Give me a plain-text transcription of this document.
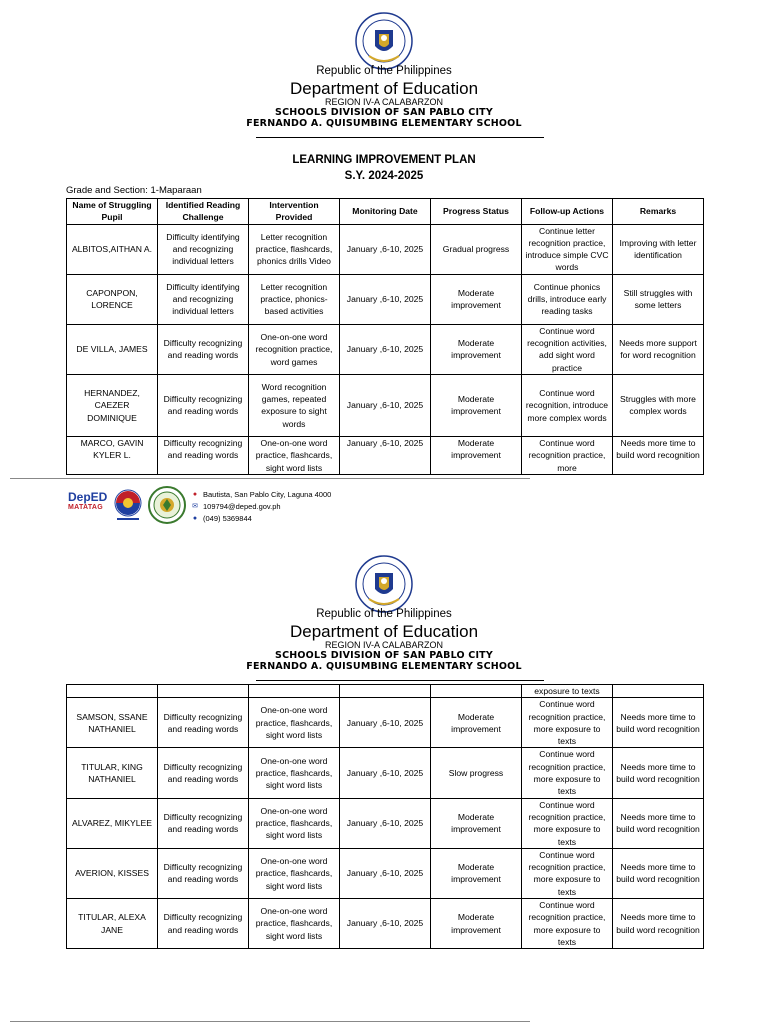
Republic of the Philippines
Department of Education
REGION IV-A CALABARZON
SCHOOLS DIVISION OF SAN PABLO CITY
FERNANDO A. QUISUMBING ELEMENTARY SCHOOL
LEARNING IMPROVEMENT PLAN
S.Y. 2024-2025
Grade and Section: 1-Maparaan
Name of Struggling Pupil	Identified Reading Challenge	Intervention Provided	Monitoring Date	Progress Status	Follow-up Actions	Remarks
ALBITOS,AITHAN A.	Difficulty identifying and recognizing individual letters	Letter recognition practice, flashcards, phonics drills Video	January ,6-10, 2025	Gradual progress	Continue letter recognition practice, introduce simple CVC words	Improving with letter identification
CAPONPON, LORENCE	Difficulty identifying and recognizing individual letters	Letter recognition practice, phonics-based activities	January ,6-10, 2025	Moderate improvement	Continue phonics drills, introduce early reading tasks	Still struggles with some letters
DE VILLA, JAMES	Difficulty recognizing and reading words	One-on-one word recognition practice, word games	January ,6-10, 2025	Moderate improvement	Continue word recognition activities, add sight word practice	Needs more support for word recognition
HERNANDEZ, CAEZER DOMINIQUE	Difficulty recognizing and reading words	Word recognition games, repeated exposure to sight words	January ,6-10, 2025	Moderate improvement	Continue word recognition, introduce more complex words	Struggles with more complex words
MARCO, GAVIN KYLER L.	Difficulty recognizing and reading words	One-on-one word practice, flashcards, sight word lists	January ,6-10, 2025	Moderate improvement	Continue word recognition practice, more	Needs more time to build word recognition
DepED
MATATAG
● Bautista, San Pablo City, Laguna 4000
✉ 109794@deped.gov.ph
● (049) 5369844
Republic of the Philippines
Department of Education
REGION IV-A CALABARZON
SCHOOLS DIVISION OF SAN PABLO CITY
FERNANDO A. QUISUMBING ELEMENTARY SCHOOL
					exposure to texts	
SAMSON, SSANE NATHANIEL	Difficulty recognizing and reading words	One-on-one word practice, flashcards, sight word lists	January ,6-10, 2025	Moderate improvement	Continue word recognition practice, more exposure to texts	Needs more time to build word recognition
TITULAR, KING NATHANIEL	Difficulty recognizing and reading words	One-on-one word practice, flashcards, sight word lists	January ,6-10, 2025	Slow progress	Continue word recognition practice, more exposure to texts	Needs more time to build word recognition
ALVAREZ, MIKYLEE	Difficulty recognizing and reading words	One-on-one word practice, flashcards, sight word lists	January ,6-10, 2025	Moderate improvement	Continue word recognition practice, more exposure to texts	Needs more time to build word recognition
AVERION, KISSES	Difficulty recognizing and reading words	One-on-one word practice, flashcards, sight word lists	January ,6-10, 2025	Moderate improvement	Continue word recognition practice, more exposure to texts	Needs more time to build word recognition
TITULAR, ALEXA JANE	Difficulty recognizing and reading words	One-on-one word practice, flashcards, sight word lists	January ,6-10, 2025	Moderate improvement	Continue word recognition practice, more exposure to texts	Needs more time to build word recognition
